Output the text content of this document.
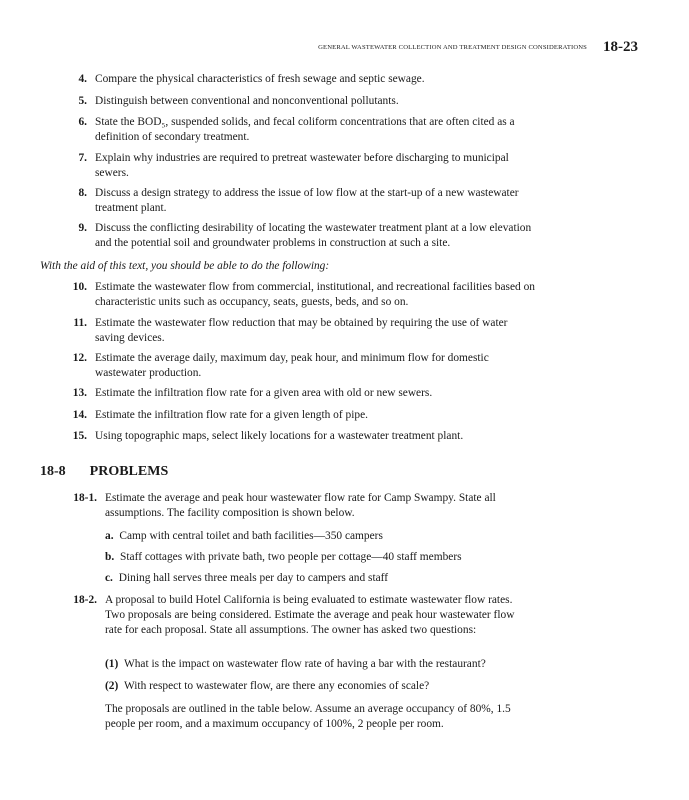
GENERAL WASTEWATER COLLECTION AND TREATMENT DESIGN CONSIDERATIONS 18-23
4. Compare the physical characteristics of fresh sewage and septic sewage.
5. Distinguish between conventional and nonconventional pollutants.
6. State the BOD₅, suspended solids, and fecal coliform concentrations that are often cited as a definition of secondary treatment.
7. Explain why industries are required to pretreat wastewater before discharging to municipal sewers.
8. Discuss a design strategy to address the issue of low flow at the start-up of a new wastewater treatment plant.
9. Discuss the conflicting desirability of locating the wastewater treatment plant at a low elevation and the potential soil and groundwater problems in construction at such a site.
With the aid of this text, you should be able to do the following:
10. Estimate the wastewater flow from commercial, institutional, and recreational facilities based on characteristic units such as occupancy, seats, guests, beds, and so on.
11. Estimate the wastewater flow reduction that may be obtained by requiring the use of water saving devices.
12. Estimate the average daily, maximum day, peak hour, and minimum flow for domestic wastewater production.
13. Estimate the infiltration flow rate for a given area with old or new sewers.
14. Estimate the infiltration flow rate for a given length of pipe.
15. Using topographic maps, select likely locations for a wastewater treatment plant.
18-8 PROBLEMS
18-1. Estimate the average and peak hour wastewater flow rate for Camp Swampy. State all assumptions. The facility composition is shown below.
a. Camp with central toilet and bath facilities—350 campers
b. Staff cottages with private bath, two people per cottage—40 staff members
c. Dining hall serves three meals per day to campers and staff
18-2. A proposal to build Hotel California is being evaluated to estimate wastewater flow rates. Two proposals are being considered. Estimate the average and peak hour wastewater flow rate for each proposal. State all assumptions. The owner has asked two questions:
(1) What is the impact on wastewater flow rate of having a bar with the restaurant?
(2) With respect to wastewater flow, are there any economies of scale?
The proposals are outlined in the table below. Assume an average occupancy of 80%, 1.5 people per room, and a maximum occupancy of 100%, 2 people per room.
